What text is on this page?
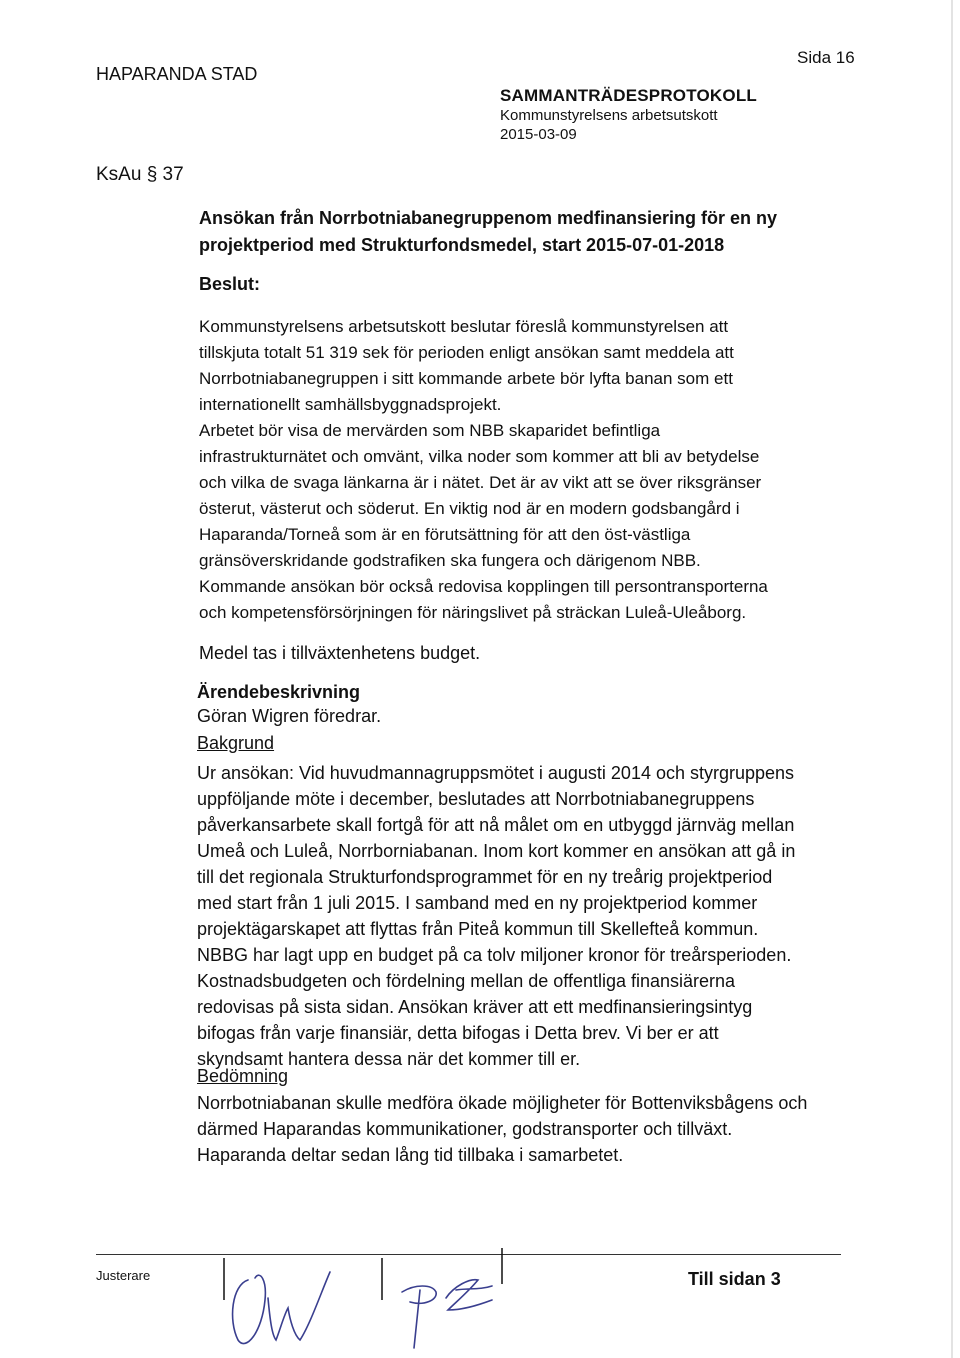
HAPARANDA STAD

Sida 16

SAMMANTRÄDESPROTOKOLL

Kommunstyrelsens arbetsutskott

2015-03-09

KsAu § 37

Ansökan från Norrbotniabanegruppenom medfinansiering för en ny
projektperiod med Strukturfondsmedel, start 2015-07-01-2018

Beslut:

Kommunstyrelsens arbetsutskott beslutar föreslå kommunstyrelsen att
tillskjuta totalt 51 319 sek för perioden enligt ansökan samt meddela att
Norrbotniabanegruppen i sitt kommande arbete bör lyfta banan som ett
internationellt samhällsbyggnadsprojekt.
Arbetet bör visa de mervärden som NBB skaparidet befintliga
infrastrukturnätet och omvänt, vilka noder som kommer att bli av betydelse
och vilka de svaga länkarna är i nätet. Det är av vikt att se över riksgränser
österut, västerut och söderut. En viktig nod är en modern godsbangård i
Haparanda/Torneå som är en förutsättning för att den öst-västliga
gränsöverskridande godstrafiken ska fungera och därigenom NBB.
Kommande ansökan bör också redovisa kopplingen till persontransporterna
och kompetensförsörjningen för näringslivet på sträckan Luleå-Uleåborg.

Medel tas i tillväxtenhetens budget.

Ärendebeskrivning

Göran Wigren föredrar.

Bakgrund

Ur ansökan: Vid huvudmannagruppsmötet i augusti 2014 och styrgruppens
uppföljande möte i december, beslutades att Norrbotniabanegruppens
påverkansarbete skall fortgå för att nå målet om en utbyggd järnväg mellan
Umeå och Luleå, Norrborniabanan. Inom kort kommer en ansökan att gå in
till det regionala Strukturfondsprogrammet för en ny treårig projektperiod
med start från 1 juli 2015. I samband med en ny projektperiod kommer
projektägarskapet att flyttas från Piteå kommun till Skellefteå kommun.
NBBG har lagt upp en budget på ca tolv miljoner kronor för treårsperioden.
Kostnadsbudgeten och fördelning mellan de offentliga finansiärerna
redovisas på sista sidan. Ansökan kräver att ett medfinansieringsintyg
bifogas från varje finansiär, detta bifogas i Detta brev. Vi ber er att
skyndsamt hantera dessa när det kommer till er.

Bedömning

Norrbotniabanan skulle medföra ökade möjligheter för Bottenviksbågens och
därmed Haparandas kommunikationer, godstransporter och tillväxt.
Haparanda deltar sedan lång tid tillbaka i samarbetet.

Justerare	Till sidan 3
